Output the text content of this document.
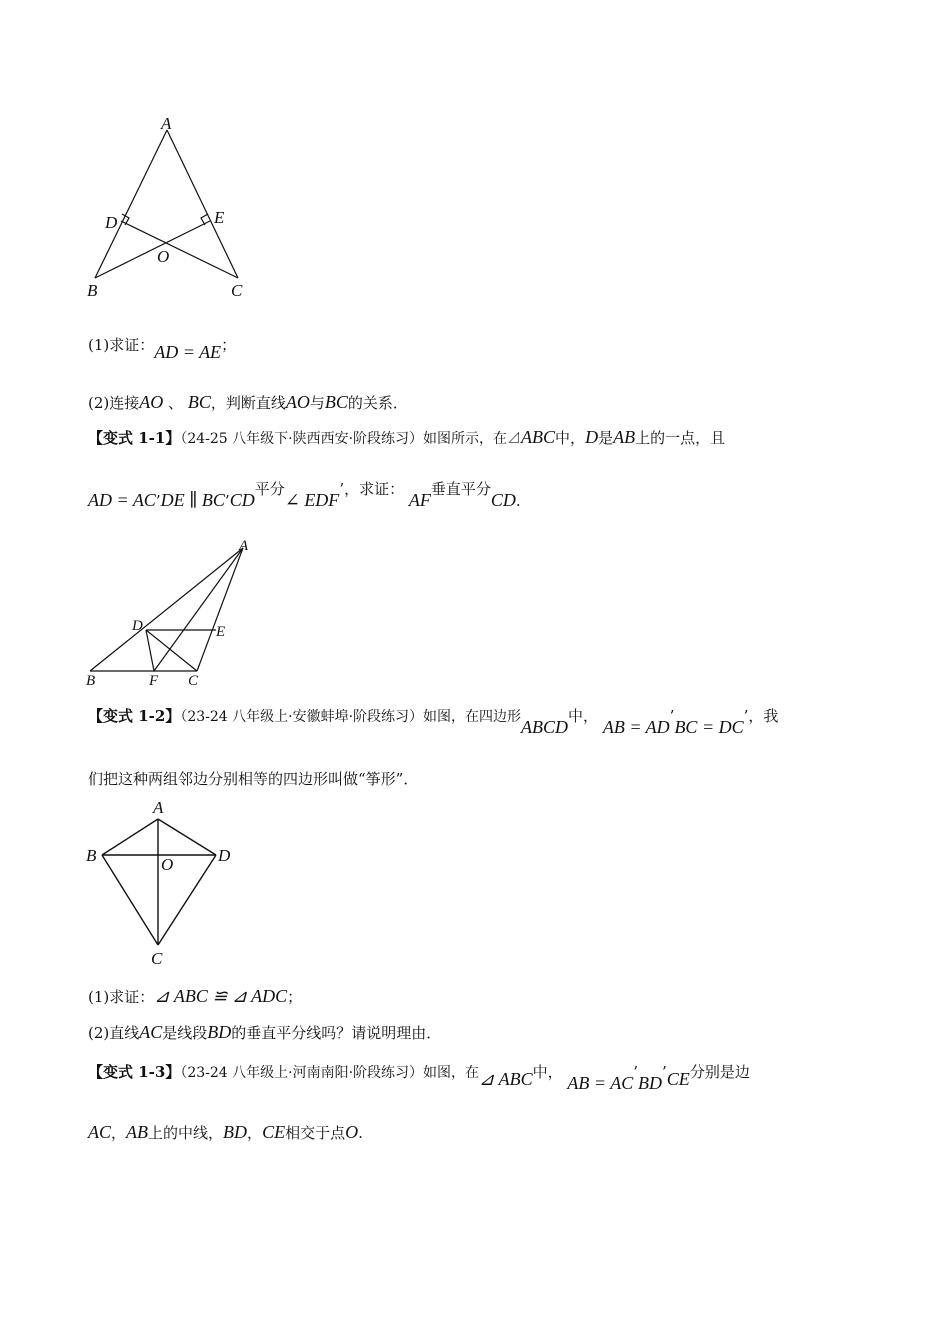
A
D	E
O
B	C
(1)求证：AD = AE；
(2)连接AO 、 BC，判断直线AO与BC的关系．
【变式 1-1】（24-25 八年级下·陕西西安·阶段练习）如图所示，在⊿ABC中，D是AB上的一点，且
AD = AC’DE ∥ BC’CD平分∠ EDF’，求证： AF垂直平分CD.
A
D	E
B	F C
【变式 1-2】（23-24 八年级上·安徽蚌埠·阶段练习）如图，在四边形ABCD中， AB = AD’BC = DC’，我
们把这种两组邻边分别相等的四边形叫做“筝形”．
A
B	D
O
C
(1)求证：⊿ ABC ≌ ⊿ ADC；
(2)直线AC是线段BD的垂直平分线吗？请说明理由．
【变式 1-3】（23-24 八年级上·河南南阳·阶段练习）如图，在⊿ ABC中， AB = AC’BD’CE分别是边
AC，AB上的中线，BD，CE相交于点O.
